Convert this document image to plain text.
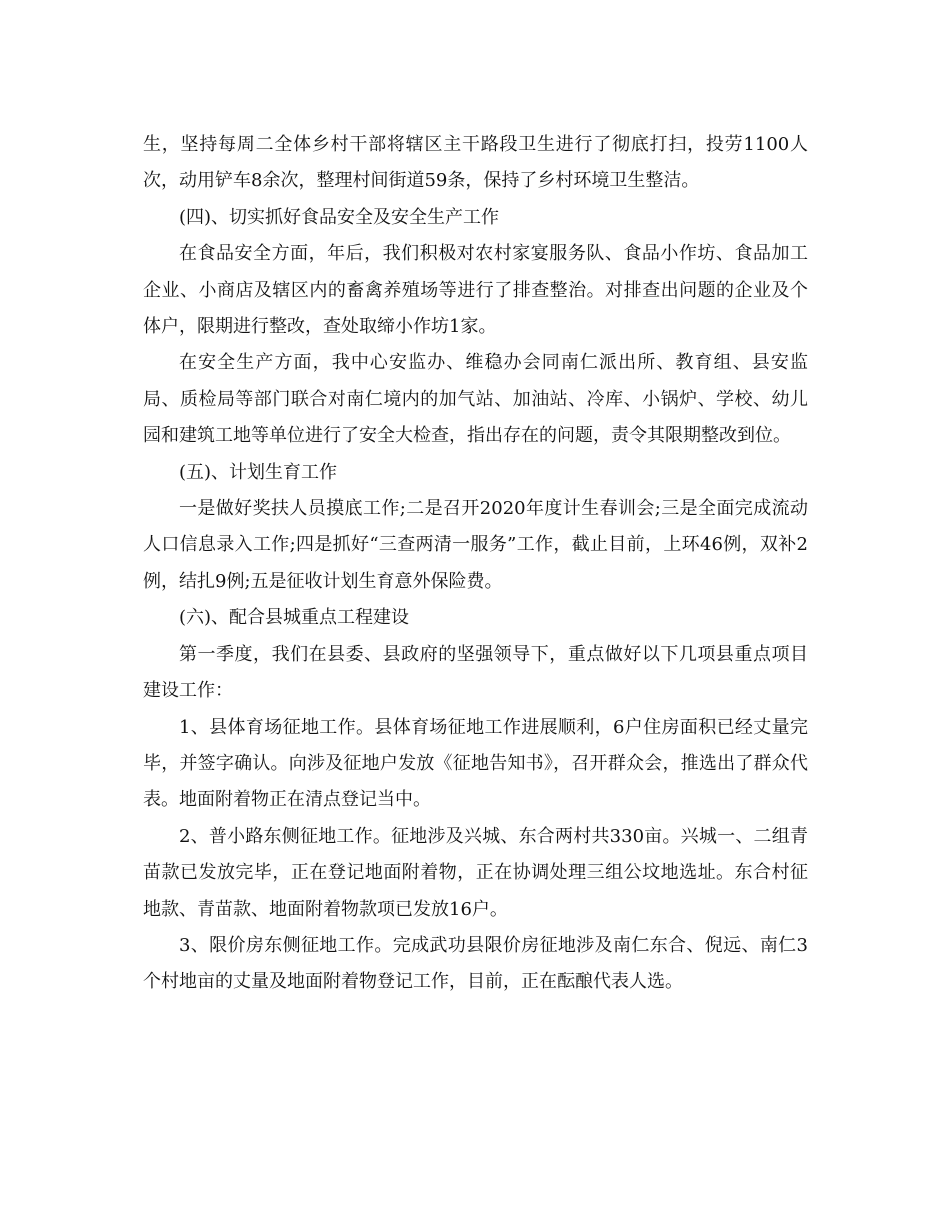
生，坚持每周二全体乡村干部将辖区主干路段卫生进行了彻底打扫，投劳1100人次，动用铲车8余次，整理村间街道59条，保持了乡村环境卫生整洁。

(四)、切实抓好食品安全及安全生产工作

在食品安全方面，年后，我们积极对农村家宴服务队、食品小作坊、食品加工企业、小商店及辖区内的畜禽养殖场等进行了排查整治。对排查出问题的企业及个体户，限期进行整改，查处取缔小作坊1家。

在安全生产方面，我中心安监办、维稳办会同南仁派出所、教育组、县安监局、质检局等部门联合对南仁境内的加气站、加油站、冷库、小锅炉、学校、幼儿园和建筑工地等单位进行了安全大检查，指出存在的问题，责令其限期整改到位。

(五)、计划生育工作

一是做好奖扶人员摸底工作;二是召开2020年度计生春训会;三是全面完成流动人口信息录入工作;四是抓好“三查两清一服务”工作，截止目前，上环46例，双补2例，结扎9例;五是征收计划生育意外保险费。

(六)、配合县城重点工程建设

第一季度，我们在县委、县政府的坚强领导下，重点做好以下几项县重点项目建设工作：

1、县体育场征地工作。县体育场征地工作进展顺利，6户住房面积已经丈量完毕，并签字确认。向涉及征地户发放《征地告知书》，召开群众会，推选出了群众代表。地面附着物正在清点登记当中。

2、普小路东侧征地工作。征地涉及兴城、东合两村共330亩。兴城一、二组青苗款已发放完毕，正在登记地面附着物，正在协调处理三组公坟地选址。东合村征地款、青苗款、地面附着物款项已发放16户。

3、限价房东侧征地工作。完成武功县限价房征地涉及南仁东合、倪远、南仁3个村地亩的丈量及地面附着物登记工作，目前，正在酝酿代表人选。
